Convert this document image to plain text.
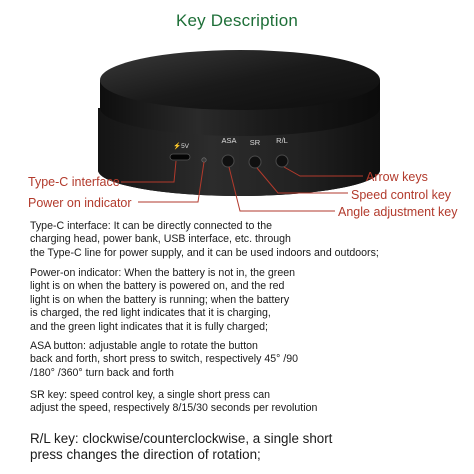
Key Description
⚡5V
ASA SR R/L
Type-C interface
Power on indicator
Arrow keys
Speed control key
Angle adjustment key

Type-C interface: It can be directly connected to the

charging head, power bank, USB interface, etc. through

the Type-C line for power supply, and it can be used indoors and outdoors;

Power-on indicator: When the battery is not in, the green

light is on when the battery is powered on, and the red

light is on when the battery is running; when the battery

is charged, the red light indicates that it is charging,

and the green light indicates that it is fully charged;

ASA button: adjustable angle to rotate the button

back and forth, short press to switch, respectively 45° /90

/180° /360° turn back and forth

SR key: speed control key, a single short press can

adjust the speed, respectively 8/15/30 seconds per revolution

R/L key: clockwise/counterclockwise, a single short

press changes the direction of rotation;
